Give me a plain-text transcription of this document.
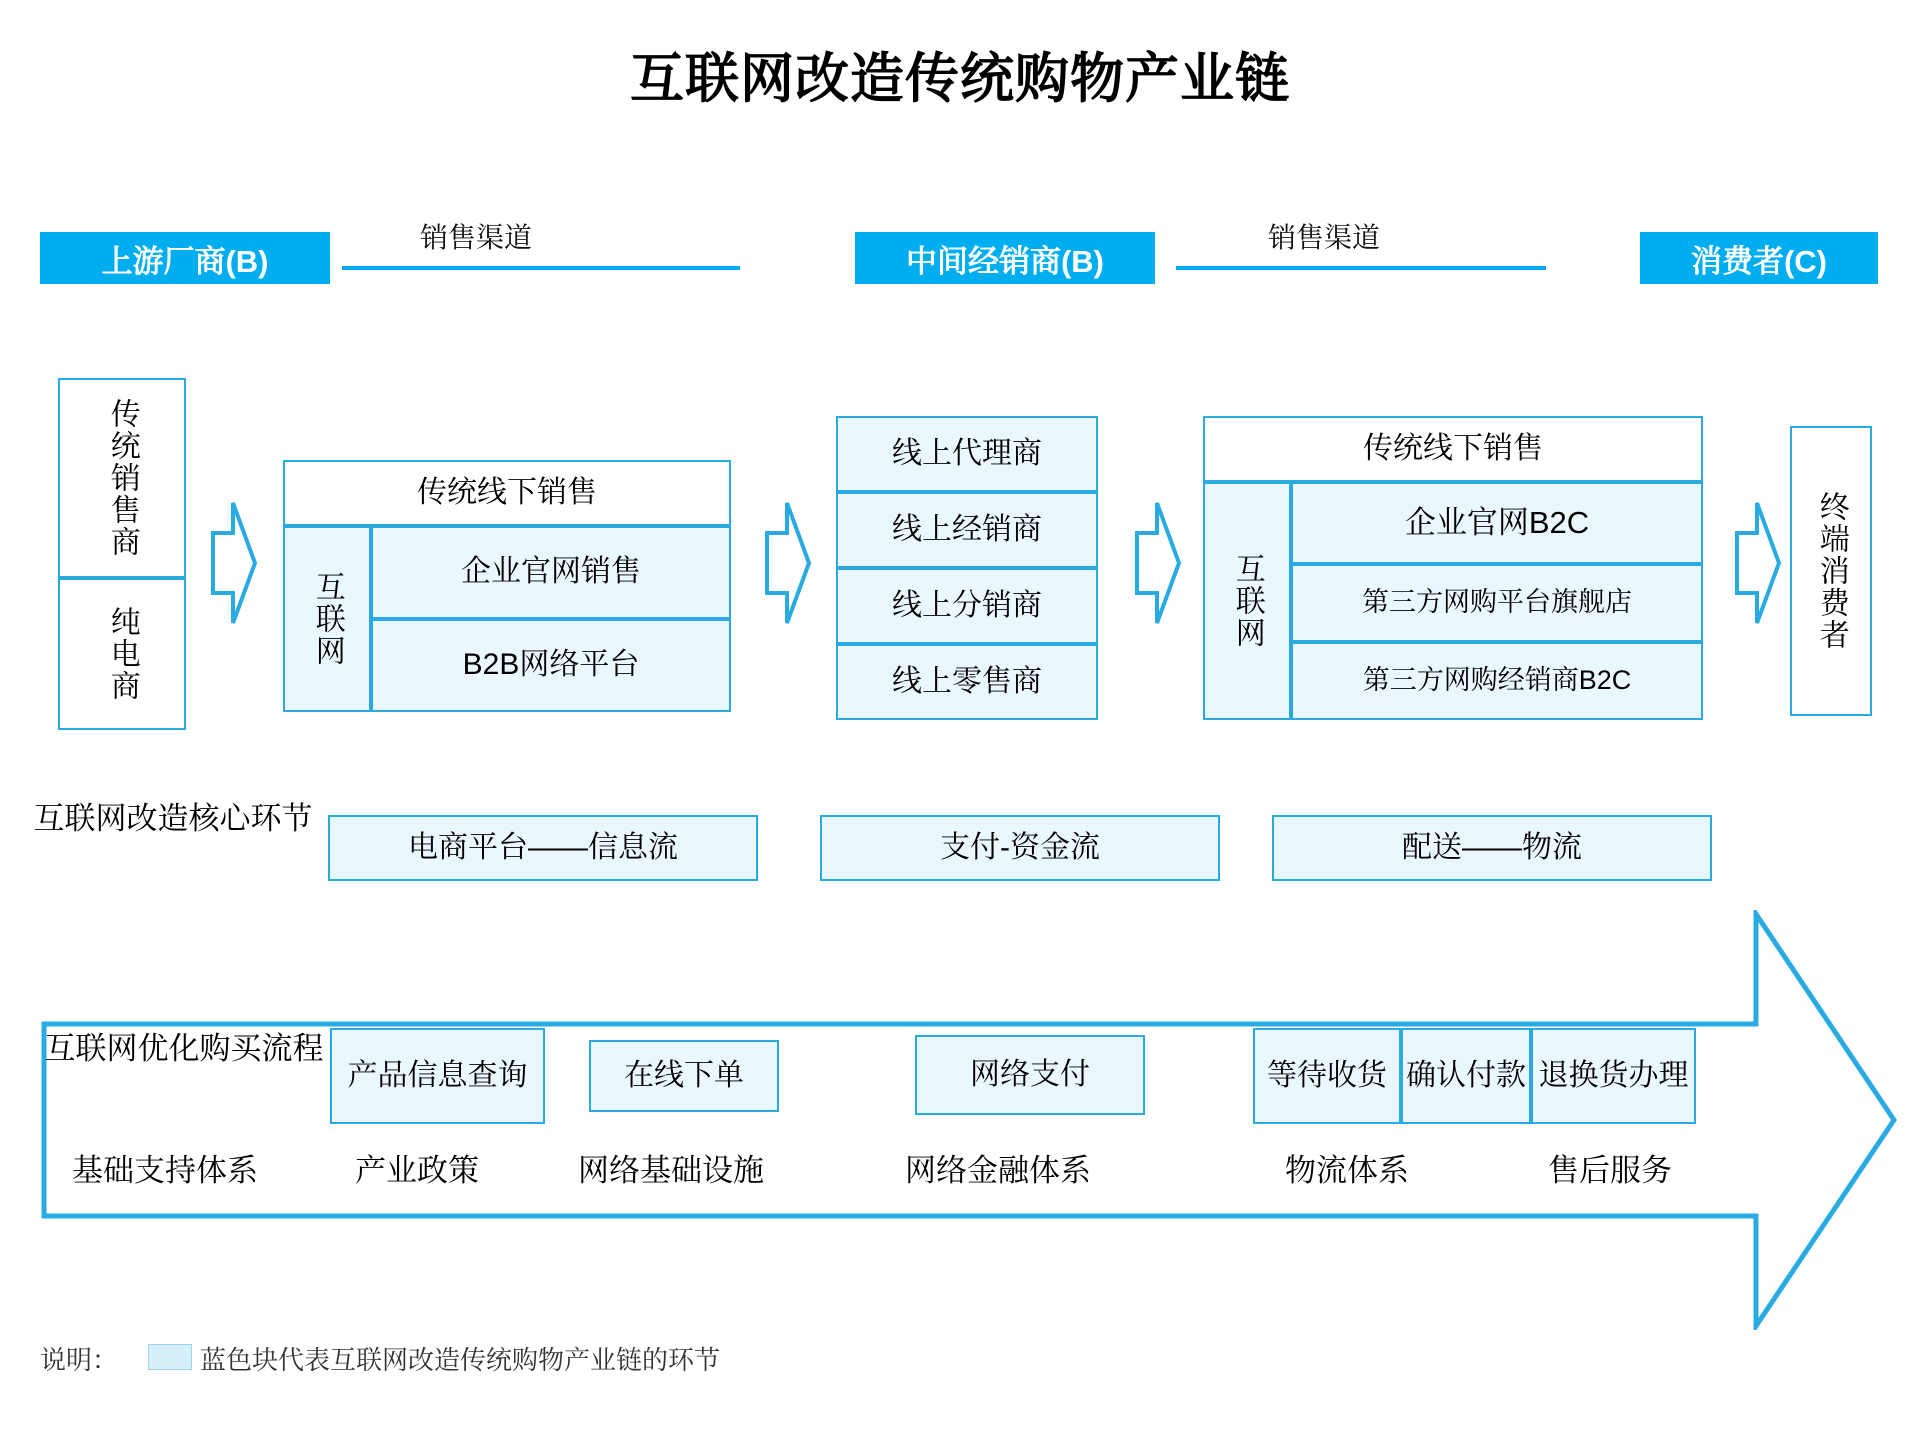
互联网改造传统购物产业链
上游厂商(B)
销售渠道
中间经销商(B)
销售渠道
消费者(C)
传统销售商
纯电商
传统线下销售
互联网	企业官网销售
B2B网络平台
线上代理商
线上经销商
线上分销商
线上零售商
传统线下销售
互联网
企业官网B2C
第三方网购平台旗舰店
第三方网购经销商B2C
终端消费者
互联网改造核心环节
电商平台——信息流	支付-资金流	配送——物流
互联网优化购买流程
产品信息查询	在线下单	网络支付	等待收货 确认付款 退换货办理
基础支持体系	产业政策	网络基础设施	网络金融体系	物流体系	售后服务
说明：	蓝色块代表互联网改造传统购物产业链的环节
